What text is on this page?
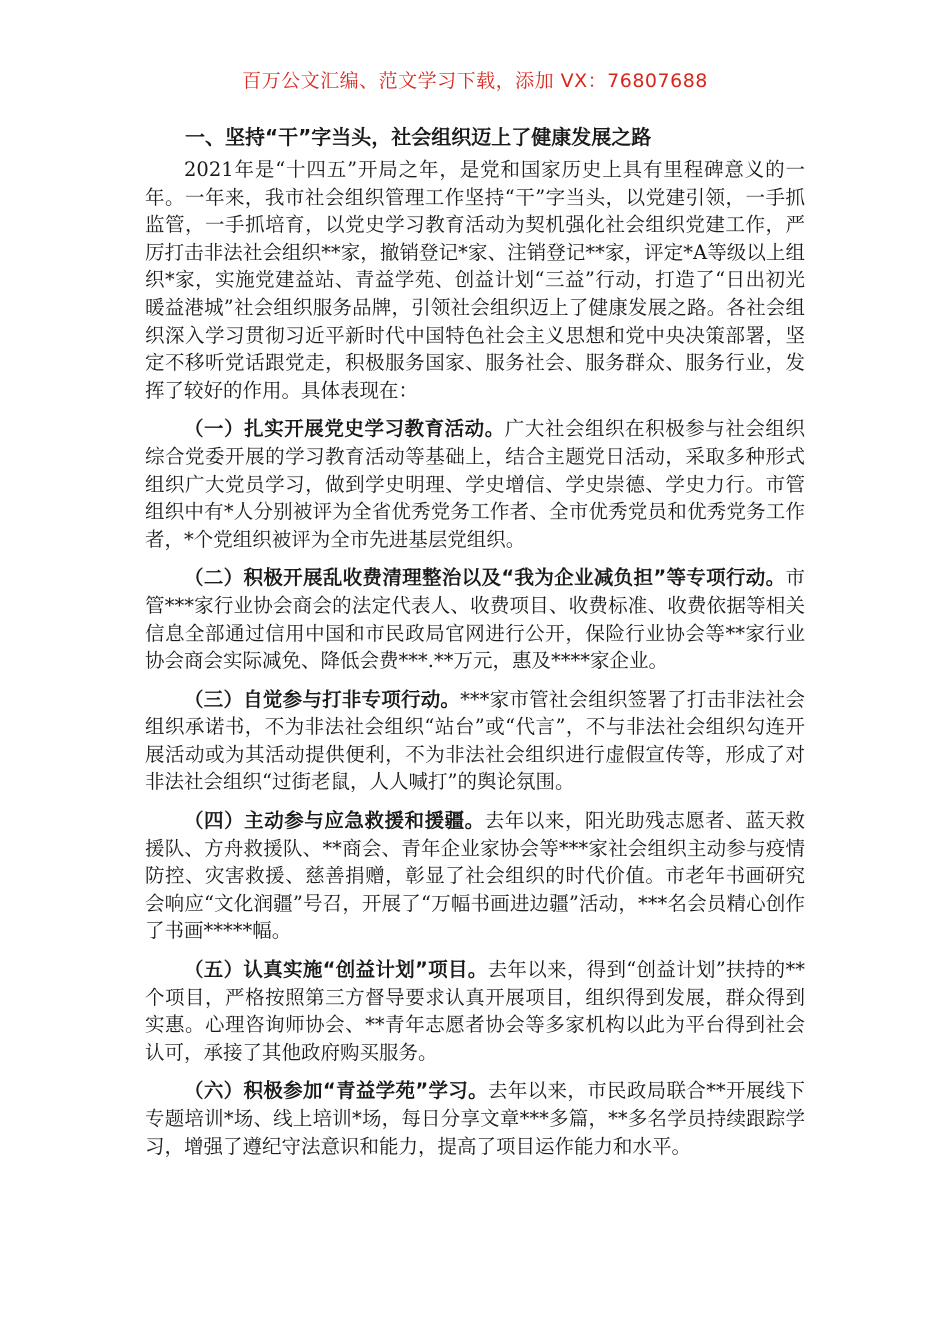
百万公文汇编、范文学习下载，添加 VX：76807688
一、坚持“干”字当头，社会组织迈上了健康发展之路

2021年是“十四五”开局之年，是党和国家历史上具有里程碑意义的一年。一年来，我市社会组织管理工作坚持“干”字当头，以党建引领，一手抓监管，一手抓培育，以党史学习教育活动为契机强化社会组织党建工作，严厉打击非法社会组织**家，撤销登记*家、注销登记**家，评定*A等级以上组织*家，实施党建益站、青益学苑、创益计划“三益”行动，打造了“日出初光暖益港城”社会组织服务品牌，引领社会组织迈上了健康发展之路。各社会组织深入学习贯彻习近平新时代中国特色社会主义思想和党中央决策部署，坚定不移听党话跟党走，积极服务国家、服务社会、服务群众、服务行业，发挥了较好的作用。具体表现在：

（一）扎实开展党史学习教育活动。广大社会组织在积极参与社会组织综合党委开展的学习教育活动等基础上，结合主题党日活动，采取多种形式组织广大党员学习，做到学史明理、学史增信、学史崇德、学史力行。市管组织中有*人分别被评为全省优秀党务工作者、全市优秀党员和优秀党务工作者，*个党组织被评为全市先进基层党组织。

（二）积极开展乱收费清理整治以及“我为企业减负担”等专项行动。市管***家行业协会商会的法定代表人、收费项目、收费标准、收费依据等相关信息全部通过信用中国和市民政局官网进行公开，保险行业协会等**家行业协会商会实际减免、降低会费***.**万元，惠及****家企业。

（三）自觉参与打非专项行动。***家市管社会组织签署了打击非法社会组织承诺书，不为非法社会组织“站台”或“代言”，不与非法社会组织勾连开展活动或为其活动提供便利，不为非法社会组织进行虚假宣传等，形成了对非法社会组织“过街老鼠，人人喊打”的舆论氛围。

（四）主动参与应急救援和援疆。去年以来，阳光助残志愿者、蓝天救援队、方舟救援队、**商会、青年企业家协会等***家社会组织主动参与疫情防控、灾害救援、慈善捐赠，彰显了社会组织的时代价值。市老年书画研究会响应“文化润疆”号召，开展了“万幅书画进边疆”活动，***名会员精心创作了书画*****幅。

（五）认真实施“创益计划”项目。去年以来，得到“创益计划”扶持的**个项目，严格按照第三方督导要求认真开展项目，组织得到发展，群众得到实惠。心理咨询师协会、**青年志愿者协会等多家机构以此为平台得到社会认可，承接了其他政府购买服务。

（六）积极参加“青益学苑”学习。去年以来，市民政局联合**开展线下专题培训*场、线上培训*场，每日分享文章***多篇，**多名学员持续跟踪学习，增强了遵纪守法意识和能力，提高了项目运作能力和水平。
